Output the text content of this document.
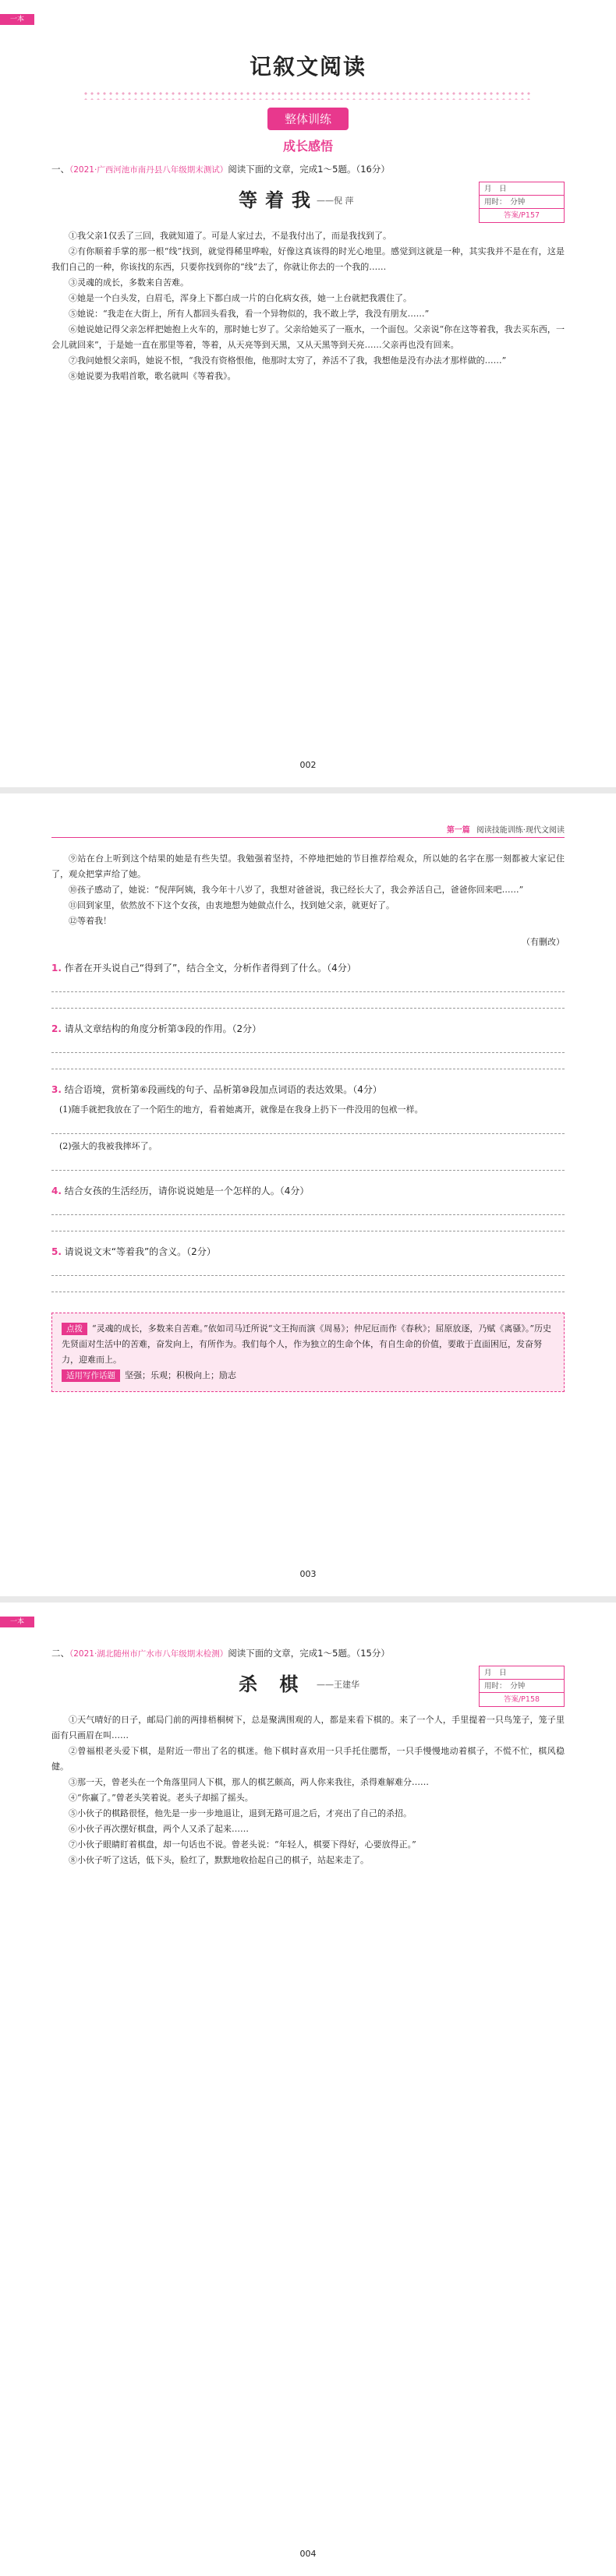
一本
记叙文阅读
整体训练
成长感悟
一、（2021·广西河池市南丹县八年级期末测试）阅读下面的文章，完成1～5题。（16分）
等着我
——倪 萍
月　日
用时：　分钟
答案/P157

①我父亲1仅丢了三回，我就知道了。可是人家过去，不是我付出了，而是我找到了。

②有你顺着手掌的那一根“线”找到，就觉得稀里哗啦，好像这真该得的时光心地里。感觉到这就是一种，其实我并不是在有，这是我们自己的一种，你该找的东西，只要你找到你的“线”去了，你就让你去的一个我的……

③灵魂的成长，多数来自苦难。

④她是一个白头发，白眉毛，浑身上下都白成一片的白化病女孩，她一上台就把我震住了。

⑤她说：“我走在大街上，所有人都回头看我，看一个异物似的，我不敢上学，我没有朋友……”

⑥她说她记得父亲怎样把她抱上火车的，那时她七岁了。父亲给她买了一瓶水，一个面包。父亲说“你在这等着我，我去买东西，一会儿就回来”，于是她一直在那里等着，等着，从天亮等到天黑，又从天黑等到天亮……父亲再也没有回来。

⑦我问她恨父亲吗，她说不恨，“我没有资格恨他，他那时太穷了，养活不了我，我想他是没有办法才那样做的……”

⑧她说要为我唱首歌，歌名就叫《等着我》。

002
第一篇 阅读技能训练·现代文阅读

⑨站在台上听到这个结果的她是有些失望。我勉强着坚持，不停地把她的节目推荐给观众，所以她的名字在那一刻都被大家记住了，观众把掌声给了她。

⑩孩子感动了，她说：“倪萍阿姨，我今年十八岁了，我想对爸爸说，我已经长大了，我会养活自己，爸爸你回来吧……”

⑪回到家里，依然放不下这个女孩，由衷地想为她做点什么，找到她父亲，就更好了。

⑫等着我！

（有删改）
1. 作者在开头说自己“得到了”，结合全文，分析作者得到了什么。（4分）
2. 请从文章结构的角度分析第③段的作用。（2分）
3. 结合语境，赏析第⑥段画线的句子、品析第⑩段加点词语的表达效果。（4分）
(1)随手就把我放在了一个陌生的地方，看着她离开，就像是在我身上扔下一件没用的包袱一样。
(2)强大的我被我摔坏了。
4. 结合女孩的生活经历，请你说说她是一个怎样的人。（4分）
5. 请说说文末“等着我”的含义。（2分）
点拨 “灵魂的成长，多数来自苦难。”依如司马迁所说“文王拘而演《周易》；仲尼厄而作《春秋》；屈原放逐，乃赋《离骚》。”历史先贤面对生活中的苦难，奋发向上，有所作为。我们每个人，作为独立的生命个体，有自生命的价值，要敢于直面困厄，发奋努力，迎难而上。
适用写作话题 坚强；乐观；积极向上；励志
003
一本
二、（2021·湖北随州市广水市八年级期末检测）阅读下面的文章，完成1～5题。（15分）
杀 棋 ——王建华
月　日
用时：　分钟
答案/P158

①天气晴好的日子，邮局门前的两排梧桐树下，总是聚满围观的人，都是来看下棋的。来了一个人，手里提着一只鸟笼子，笼子里面有只画眉在叫……

②曾福根老头爱下棋，是附近一带出了名的棋迷。他下棋时喜欢用一只手托住腮帮，一只手慢慢地动着棋子，不慌不忙，棋风稳健。

③那一天，曾老头在一个角落里同人下棋，那人的棋艺颇高，两人你来我往，杀得难解难分……

④“你赢了。”曾老头笑着说。老头子却摇了摇头。

⑤小伙子的棋路很怪，他先是一步一步地退让，退到无路可退之后，才亮出了自己的杀招。

⑥小伙子再次摆好棋盘，两个人又杀了起来……

⑦小伙子眼睛盯着棋盘，却一句话也不说。曾老头说：“年轻人，棋要下得好，心要放得正。”

⑧小伙子听了这话，低下头，脸红了，默默地收拾起自己的棋子，站起来走了。

004
